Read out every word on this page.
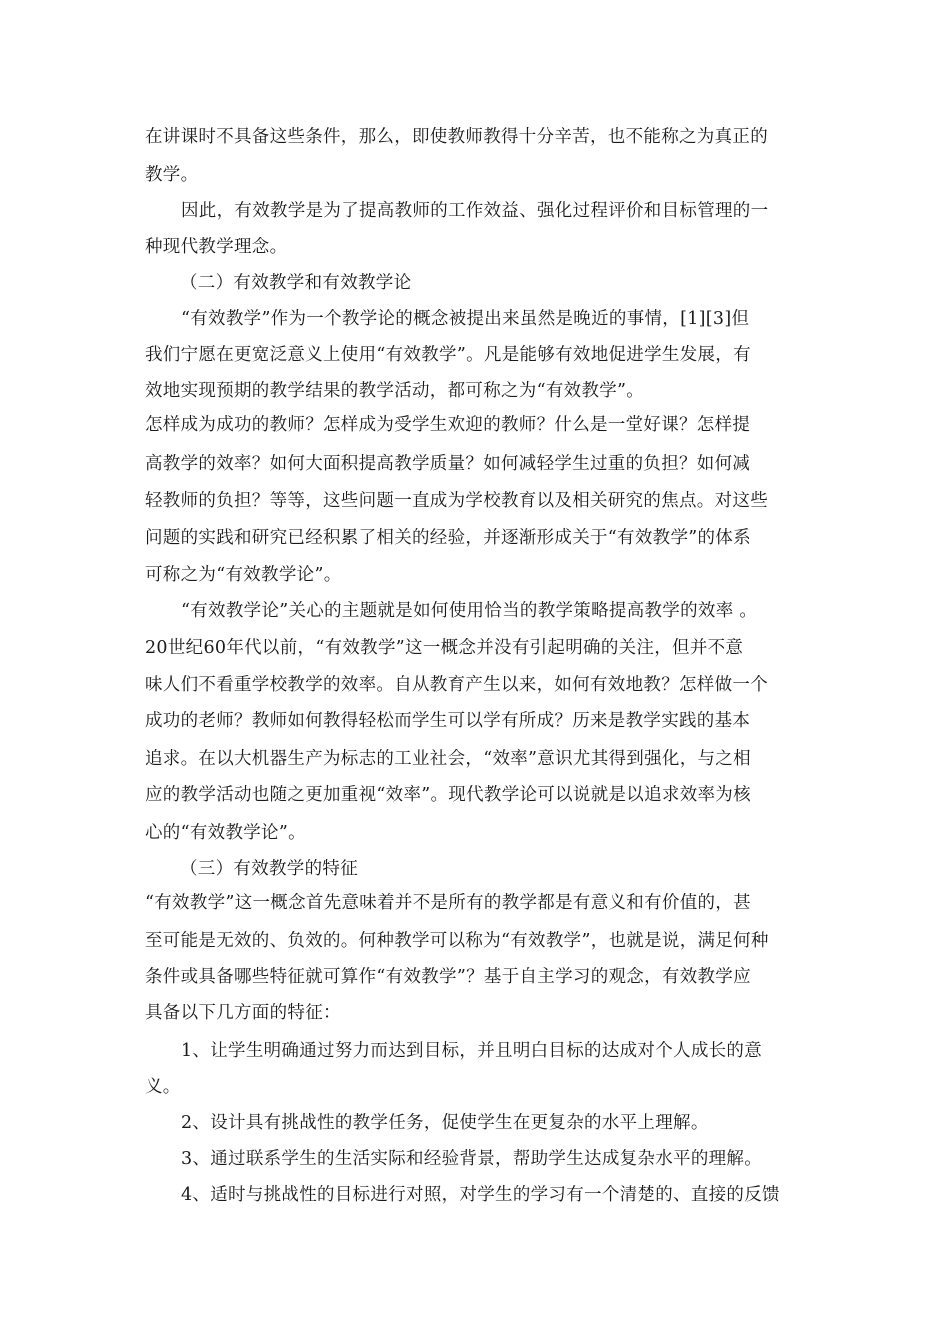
在讲课时不具备这些条件，那么，即使教师教得十分辛苦，也不能称之为真正的
教学。
因此，有效教学是为了提高教师的工作效益、强化过程评价和目标管理的一
种现代教学理念。
（二）有效教学和有效教学论
“有效教学”作为一个教学论的概念被提出来虽然是晚近的事情，[1][3]但
我们宁愿在更宽泛意义上使用“有效教学”。凡是能够有效地促进学生发展，有
效地实现预期的教学结果的教学活动，都可称之为“有效教学”。
怎样成为成功的教师？怎样成为受学生欢迎的教师？什么是一堂好课？怎样提
高教学的效率？如何大面积提高教学质量？如何减轻学生过重的负担？如何减
轻教师的负担？等等，这些问题一直成为学校教育以及相关研究的焦点。对这些
问题的实践和研究已经积累了相关的经验，并逐渐形成关于“有效教学”的体系
可称之为“有效教学论”。
“有效教学论”关心的主题就是如何使用恰当的教学策略提高教学的效率 。
20世纪60年代以前，“有效教学”这一概念并没有引起明确的关注，但并不意
味人们不看重学校教学的效率。自从教育产生以来，如何有效地教？怎样做一个
成功的老师？教师如何教得轻松而学生可以学有所成？历来是教学实践的基本
追求。在以大机器生产为标志的工业社会，“效率”意识尤其得到强化，与之相
应的教学活动也随之更加重视“效率”。现代教学论可以说就是以追求效率为核
心的“有效教学论”。
（三）有效教学的特征
“有效教学”这一概念首先意味着并不是所有的教学都是有意义和有价值的，甚
至可能是无效的、负效的。何种教学可以称为“有效教学”，也就是说，满足何种
条件或具备哪些特征就可算作“有效教学”？基于自主学习的观念，有效教学应
具备以下几方面的特征：
1、让学生明确通过努力而达到目标，并且明白目标的达成对个人成长的意
义。
2、设计具有挑战性的教学任务，促使学生在更复杂的水平上理解。
3、通过联系学生的生活实际和经验背景，帮助学生达成复杂水平的理解。
4、适时与挑战性的目标进行对照，对学生的学习有一个清楚的、直接的反馈
